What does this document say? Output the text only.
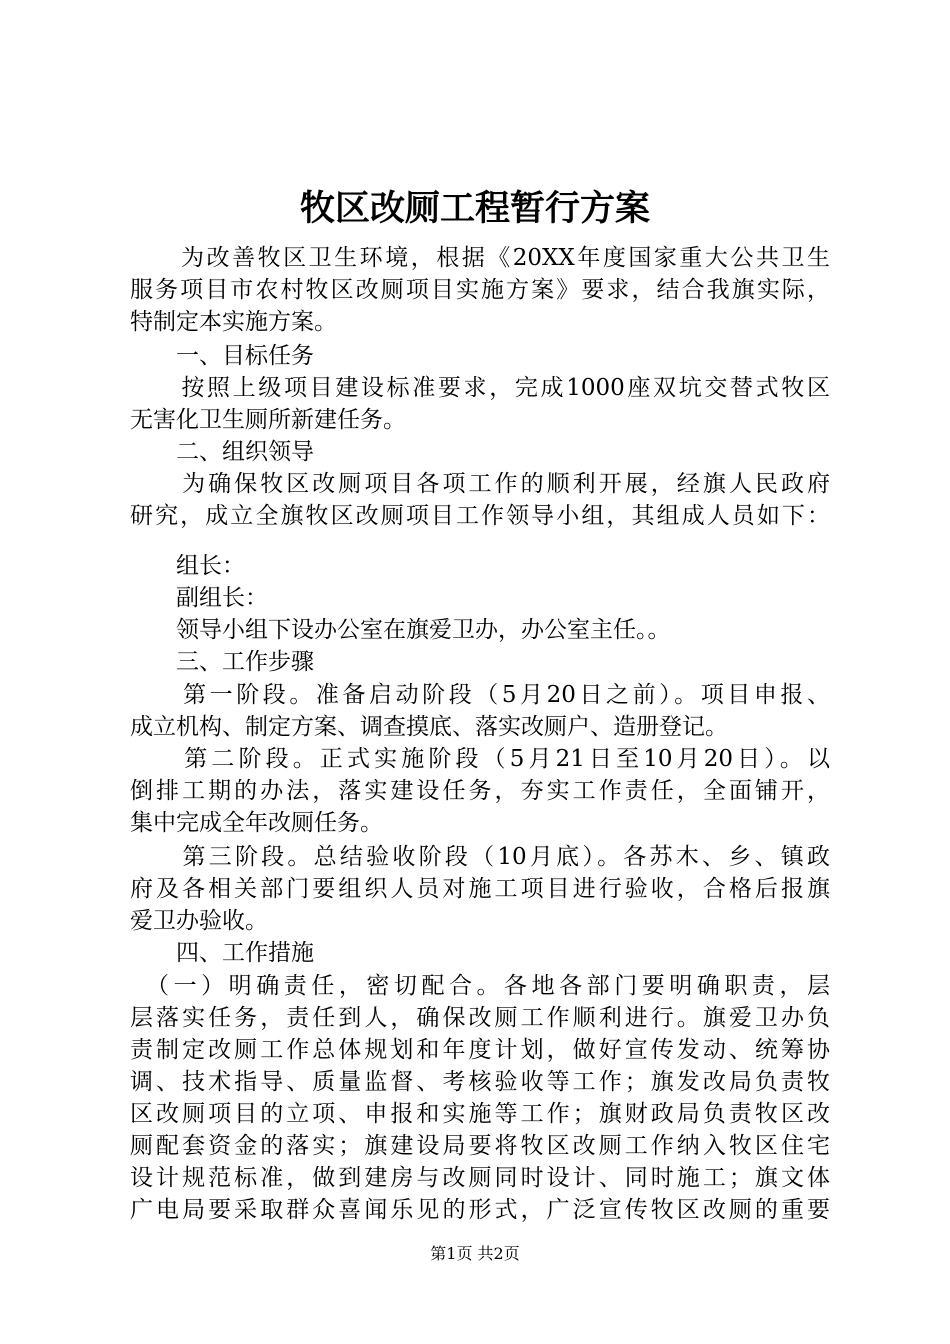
牧区改厕工程暂行方案
　　为改善牧区卫生环境，根据《20XX年度国家重大公共卫生
服务项目市农村牧区改厕项目实施方案》要求，结合我旗实际，
特制定本实施方案。
　　一、目标任务
　　按照上级项目建设标准要求，完成1000座双坑交替式牧区
无害化卫生厕所新建任务。
　　二、组织领导
　　为确保牧区改厕项目各项工作的顺利开展，经旗人民政府
研究，成立全旗牧区改厕项目工作领导小组，其组成人员如下：
　　组长：
　　副组长：
　　领导小组下设办公室在旗爱卫办，办公室主任。。
　　三、工作步骤
　　第一阶段。准备启动阶段（5月20日之前）。项目申报、
成立机构、制定方案、调查摸底、落实改厕户、造册登记。
　　第二阶段。正式实施阶段（5月21日至10月20日）。以
倒排工期的办法，落实建设任务，夯实工作责任，全面铺开，
集中完成全年改厕任务。
　　第三阶段。总结验收阶段（10月底）。各苏木、乡、镇政
府及各相关部门要组织人员对施工项目进行验收，合格后报旗
爱卫办验收。
　　四、工作措施
　（一）明确责任，密切配合。各地各部门要明确职责，层
层落实任务，责任到人，确保改厕工作顺利进行。旗爱卫办负
责制定改厕工作总体规划和年度计划，做好宣传发动、统筹协
调、技术指导、质量监督、考核验收等工作；旗发改局负责牧
区改厕项目的立项、申报和实施等工作；旗财政局负责牧区改
厕配套资金的落实；旗建设局要将牧区改厕工作纳入牧区住宅
设计规范标准，做到建房与改厕同时设计、同时施工；旗文体
广电局要采取群众喜闻乐见的形式，广泛宣传牧区改厕的重要
第1页 共2页
